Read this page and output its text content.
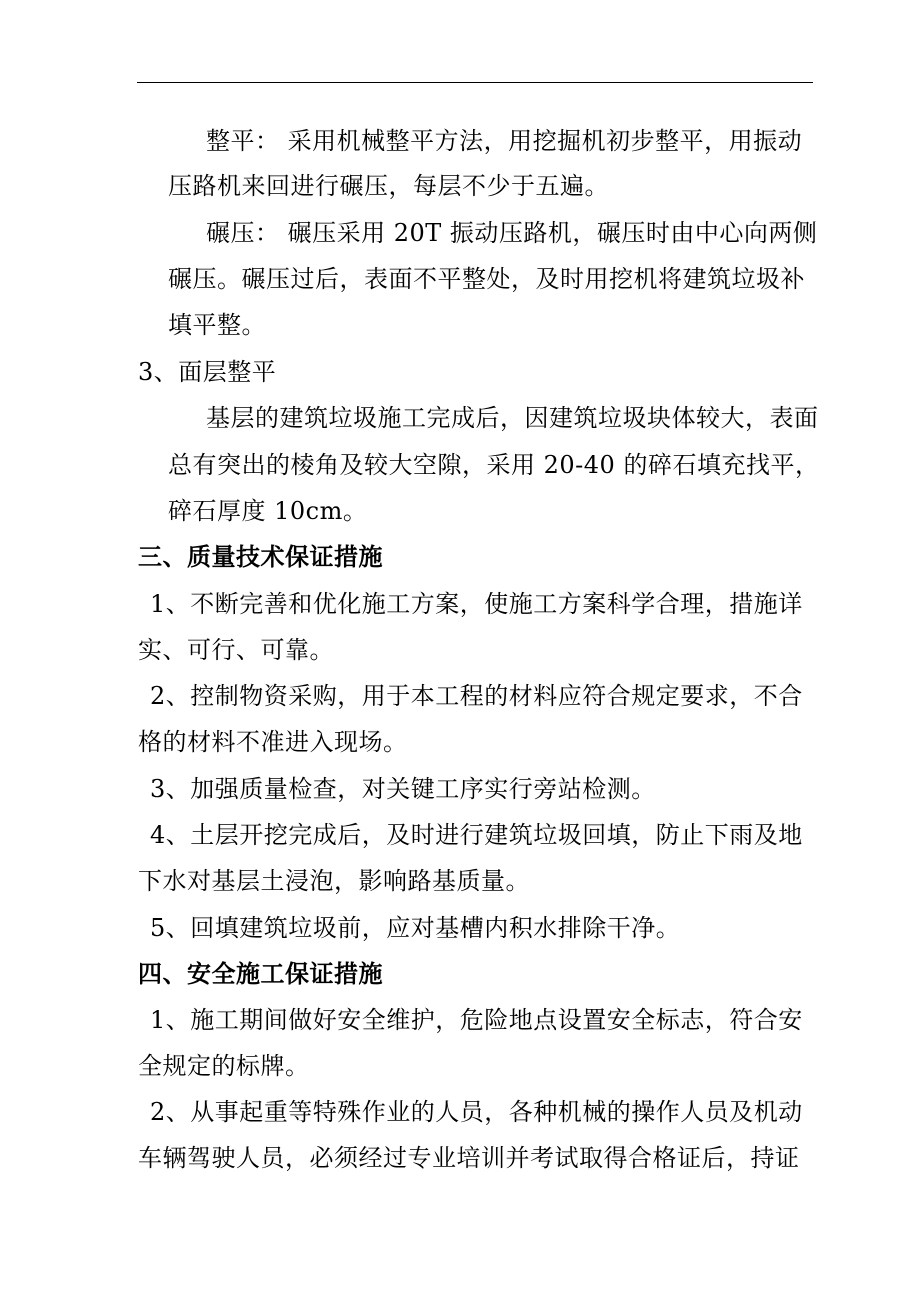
整平： 采用机械整平方法，用挖掘机初步整平，用振动
压路机来回进行碾压，每层不少于五遍。
碾压： 碾压采用 20T 振动压路机，碾压时由中心向两侧
碾压。碾压过后，表面不平整处，及时用挖机将建筑垃圾补
填平整。
3、面层整平
基层的建筑垃圾施工完成后，因建筑垃圾块体较大，表面
总有突出的棱角及较大空隙，采用 20-40 的碎石填充找平，
碎石厚度 10cm。
三、质量技术保证措施
1、不断完善和优化施工方案，使施工方案科学合理，措施详
实、可行、可靠。
2、控制物资采购，用于本工程的材料应符合规定要求，不合
格的材料不准进入现场。
3、加强质量检查，对关键工序实行旁站检测。
4、土层开挖完成后，及时进行建筑垃圾回填，防止下雨及地
下水对基层土浸泡，影响路基质量。
5、回填建筑垃圾前，应对基槽内积水排除干净。
四、安全施工保证措施
1、施工期间做好安全维护，危险地点设置安全标志，符合安
全规定的标牌。
2、从事起重等特殊作业的人员，各种机械的操作人员及机动
车辆驾驶人员，必须经过专业培训并考试取得合格证后，持证
